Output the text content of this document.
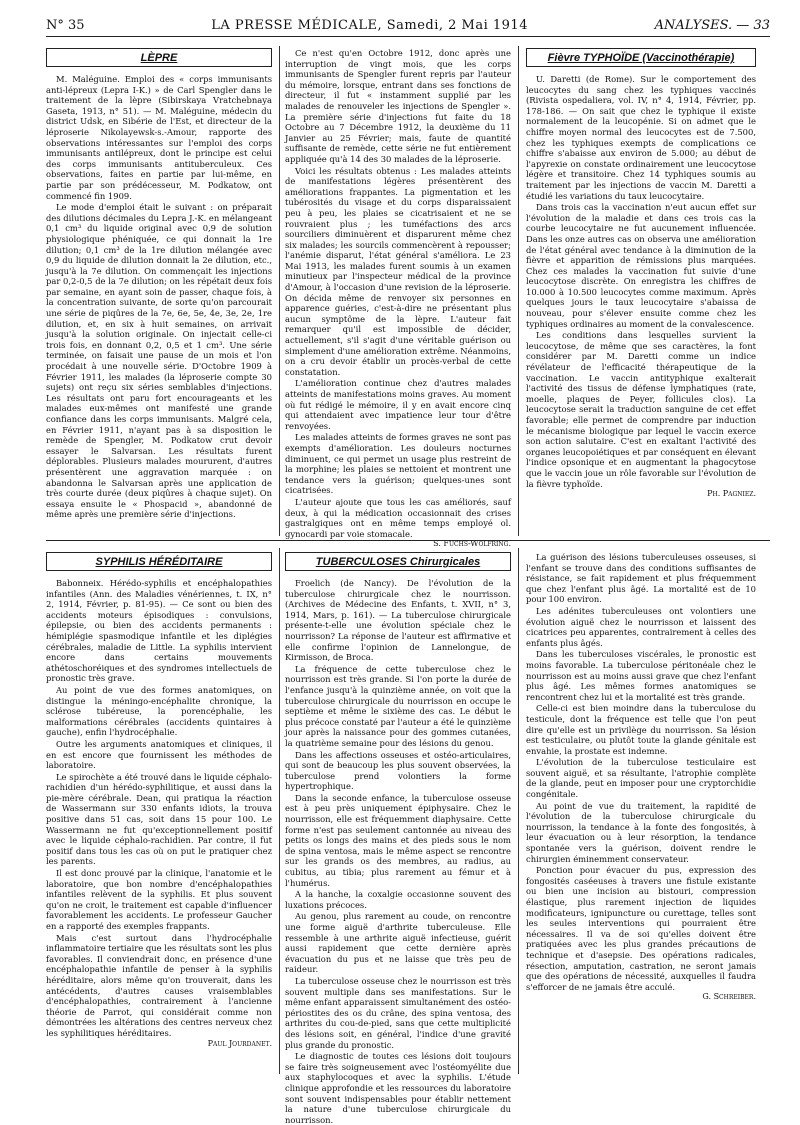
N° 35	LA PRESSE MÉDICALE, Samedi, 2 Mai 1914	ANALYSES. — 33
LÈPRE

M. Maléguine. Emploi des « corps immunisants anti-lépreux (Lepra I-K.) » de Carl Spengler dans le traitement de la lèpre (Sibirskaya Vratchebnaya Gaseta, 1913, n° 51). — M. Maléguine, médecin du district Udsk, en Sibérie de l'Est, et directeur de la léproserie Nikolayewsk-s.-Amour, rapporte des observations intéressantes sur l'emploi des corps immunisants antilépreux, dont le principe est celui des corps immunisants antituberculeux. Ces observations, faites en partie par lui-même, en partie par son prédécesseur, M. Podkatow, ont commencé fin 1909.

Le mode d'emploi était le suivant : on préparait des dilutions décimales du Lepra J.-K. en mélangeant 0,1 cm³ du liquide original avec 0,9 de solution physiologique phéniquée, ce qui donnait la 1re dilution; 0,1 cm³ de la 1re dilution mélangée avec 0,9 du liquide de dilution donnait la 2e dilution, etc., jusqu'à la 7e dilution. On commençait les injections par 0,2-0,5 de la 7e dilution; on les répétait deux fois par semaine, en ayant soin de passer, chaque fois, à la concentration suivante, de sorte qu'on parcourait une série de piqûres de la 7e, 6e, 5e, 4e, 3e, 2e, 1re dilution, et, en six à huit semaines, on arrivait jusqu'à la solution originale. On injectait celle-ci trois fois, en donnant 0,2, 0,5 et 1 cm³. Une série terminée, on faisait une pause de un mois et l'on procédait à une nouvelle série. D'Octobre 1909 à Février 1911, les malades (la léproserie compte 30 sujets) ont reçu six séries semblables d'injections. Les résultats ont paru fort encourageants et les malades eux-mêmes ont manifesté une grande confiance dans les corps immunisants. Malgré cela, en Février 1911, n'ayant pas à sa disposition le remède de Spengler, M. Podkatow crut devoir essayer le Salvarsan. Les résultats furent déplorables. Plusieurs malades moururent, d'autres présentèrent une aggravation marquée : on abandonna le Salvarsan après une application de très courte durée (deux piqûres à chaque sujet). On essaya ensuite le « Phospacid », abandonné de même après une première série d'injections.

Ce n'est qu'en Octobre 1912, donc après une interruption de vingt mois, que les corps immunisants de Spengler furent repris par l'auteur du mémoire, lorsque, entrant dans ses fonctions de directeur, il fut « instamment supplié par les malades de renouveler les injections de Spengler ». La première série d'injections fut faite du 18 Octobre au 7 Décembre 1912, la deuxième du 11 Janvier au 25 Février; mais, faute de quantité suffisante de remède, cette série ne fut entièrement appliquée qu'à 14 des 30 malades de la léproserie.

Voici les résultats obtenus : Les malades atteints de manifestations légères présentèrent des améliorations frappantes. La pigmentation et les tubérosités du visage et du corps disparaissaient peu à peu, les plaies se cicatrisaient et ne se rouvraient plus ; les tuméfactions des arcs sourciliers diminuèrent et disparurent même chez six malades; les sourcils commencèrent à repousser; l'anémie disparut, l'état général s'améliora. Le 23 Mai 1913, les malades furent soumis à un examen minutieux par l'inspecteur médical de la province d'Amour, à l'occasion d'une revision de la léproserie. On décida même de renvoyer six personnes en apparence guéries, c'est-à-dire ne présentant plus aucun symptôme de la lèpre. L'auteur fait remarquer qu'il est impossible de décider, actuellement, s'il s'agit d'une véritable guérison ou simplement d'une amélioration extrême. Néanmoins, on a cru devoir établir un procès-verbal de cette constatation.

L'amélioration continue chez d'autres malades atteints de manifestations moins graves. Au moment où fut rédigé le mémoire, il y en avait encore cinq qui attendaient avec impatience leur tour d'être renvoyées.

Les malades atteints de formes graves ne sont pas exempts d'amélioration. Les douleurs nocturnes diminuent, ce qui permet un usage plus restreint de la morphine; les plaies se nettoient et montrent une tendance vers la guérison; quelques-unes sont cicatrisées.

L'auteur ajoute que tous les cas améliorés, sauf deux, à qui la médication occasionnait des crises gastralgiques ont en même temps employé ol. gynocardi par voie stomacale.

S. Fuchs-Wolfring.

Fièvre TYPHOÏDE (Vaccinothérapie)

U. Daretti (de Rome). Sur le comportement des leucocytes du sang chez les typhiques vaccinés (Rivista ospedaliera, vol. IV, n° 4, 1914, Février, pp. 178-186. — On sait que chez le typhique il existe normalement de la leucopénie. Si on admet que le chiffre moyen normal des leucocytes est de 7.500, chez les typhiques exempts de complications ce chiffre s'abaisse aux environ de 5.000; au début de l'apyrexie on constate ordinairement une leucocytose légère et transitoire. Chez 14 typhiques soumis au traitement par les injections de vaccin M. Daretti a étudié les variations du taux leucocytaire.

Dans trois cas la vaccination n'eut aucun effet sur l'évolution de la maladie et dans ces trois cas la courbe leucocytaire ne fut aucunement influencée. Dans les onze autres cas on observa une amélioration de l'état général avec tendance à la diminution de la fièvre et apparition de rémissions plus marquées. Chez ces malades la vaccination fut suivie d'une leucocytose discrète. On enregistra les chiffres de 10.000 à 10.500 leucocytes comme maximum. Après quelques jours le taux leucocytaire s'abaissa de nouveau, pour s'élever ensuite comme chez les typhiques ordinaires au moment de la convalescence.

Les conditions dans lesquelles survient la leucocytose, de même que ses caractères, la font considérer par M. Daretti comme un indice révélateur de l'efficacité thérapeutique de la vaccination. Le vaccin antityphique exalterait l'activité des tissus de défense lymphatiques (rate, moelle, plaques de Peyer, follicules clos). La leucocytose serait la traduction sanguine de cet effet favorable; elle permet de comprendre par induction le mécanisme biologique par lequel le vaccin exerce son action salutaire. C'est en exaltant l'activité des organes leucopoiétiques et par conséquent en élevant l'indice opsonique et en augmentant la phagocytose que le vaccin joue un rôle favorable sur l'évolution de la fièvre typhoïde.

Ph. Pagniez.

SYPHILIS HÉRÉDITAIRE

Babonneix. Hérédo-syphilis et encéphalopathies infantiles (Ann. des Maladies vénériennes, t. IX, n° 2, 1914, Février, p. 81-95). — Ce sont ou bien des accidents moteurs épisodiques : convulsions, épilepsie, ou bien des accidents permanents : hémiplégie spasmodique infantile et les diplégies cérébrales, maladie de Little. La syphilis intervient encore dans certains mouvements athétoschoréiques et des syndromes intellectuels de pronostic très grave.

Au point de vue des formes anatomiques, on distingue la méningo-encéphalite chronique, la sclérose tubéreuse, la porencéphalie, les malformations cérébrales (accidents quintaires à gauche), enfin l'hydrocéphalie.

Outre les arguments anatomiques et cliniques, il en est encore que fournissent les méthodes de laboratoire.

Le spirochète a été trouvé dans le liquide céphalo-rachidien d'un hérédo-syphilitique, et aussi dans la pie-mère cérébrale. Dean, qui pratiqua la réaction de Wassermann sur 330 enfants idiots, la trouva positive dans 51 cas, soit dans 15 pour 100. Le Wassermann ne fut qu'exceptionnellement positif avec le liquide céphalo-rachidien. Par contre, il fut positif dans tous les cas où on put le pratiquer chez les parents.

Il est donc prouvé par la clinique, l'anatomie et le laboratoire, que bon nombre d'encéphalopathies infantiles relèvent de la syphilis. Et plus souvent qu'on ne croit, le traitement est capable d'influencer favorablement les accidents. Le professeur Gaucher en a rapporté des exemples frappants.

Mais c'est surtout dans l'hydrocéphalie inflammatoire tertiaire que les résultats sont les plus favorables. Il conviendrait donc, en présence d'une encéphalopathie infantile de penser à la syphilis héréditaire, alors même qu'on trouverait, dans les antécédents, d'autres causes vraisemblables d'encéphalopathies, contrairement à l'ancienne théorie de Parrot, qui considérait comme non démontrées les altérations des centres nerveux chez les syphilitiques héréditaires.

Paul Jourdanet.

TUBERCULOSES Chirurgicales

Froelich (de Nancy). De l'évolution de la tuberculose chirurgicale chez le nourrisson. (Archives de Médecine des Enfants, t. XVII, n° 3, 1914, Mars, p. 161). — La tuberculose chirurgicale présente-t-elle une évolution spéciale chez le nourrisson? La réponse de l'auteur est affirmative et elle confirme l'opinion de Lannelongue, de Kirmisson, de Broca.

La fréquence de cette tuberculose chez le nourrisson est très grande. Si l'on porte la durée de l'enfance jusqu'à la quinzième année, on voit que la tuberculose chirurgicale du nourrisson en occupe le septième et même le sixième des cas. Le début le plus précoce constaté par l'auteur a été le quinzième jour après la naissance pour des gommes cutanées, la quatrième semaine pour des lésions du genou.

Dans les affections osseuses et ostéo-articulaires, qui sont de beaucoup les plus souvent observées, la tuberculose prend volontiers la forme hypertrophique.

Dans la seconde enfance, la tuberculose osseuse est à peu près uniquement épiphysaire. Chez le nourrisson, elle est fréquemment diaphysaire. Cette forme n'est pas seulement cantonnée au niveau des petits os longs des mains et des pieds sous le nom de spina ventosa, mais le même aspect se rencontre sur les grands os des membres, au radius, au cubitus, au tibia; plus rarement au fémur et à l'humérus.

A la hanche, la coxalgie occasionne souvent des luxations précoces.

Au genou, plus rarement au coude, on rencontre une forme aiguë d'arthrite tuberculeuse. Elle ressemble à une arthrite aiguë infectieuse, guérit aussi rapidement que cette dernière après évacuation du pus et ne laisse que très peu de raideur.

La tuberculose osseuse chez le nourrisson est très souvent multiple dans ses manifestations. Sur le même enfant apparaissent simultanément des ostéo-périostites des os du crâne, des spina ventosa, des arthrites du cou-de-pied, sans que cette multiplicité des lésions soit, en général, l'indice d'une gravité plus grande du pronostic.

Le diagnostic de toutes ces lésions doit toujours se faire très soigneusement avec l'ostéomyélite due aux staphylocoques et avec la syphilis. L'étude clinique approfondie et les ressources du laboratoire sont souvent indispensables pour établir nettement la nature d'une tuberculose chirurgicale du nourrisson.

La guérison des lésions tuberculeuses osseuses, si l'enfant se trouve dans des conditions suffisantes de résistance, se fait rapidement et plus fréquemment que chez l'enfant plus âgé. La mortalité est de 10 pour 100 environ.

Les adénites tuberculeuses ont volontiers une évolution aiguë chez le nourrisson et laissent des cicatrices peu apparentes, contrairement à celles des enfants plus âgés.

Dans les tuberculoses viscérales, le pronostic est moins favorable. La tuberculose péritonéale chez le nourrisson est au moins aussi grave que chez l'enfant plus âgé. Les mêmes formes anatomiques se rencontrent chez lui et la mortalité est très grande.

Celle-ci est bien moindre dans la tuberculose du testicule, dont la fréquence est telle que l'on peut dire qu'elle est un privilège du nourrisson. Sa lésion est testiculaire, ou plutôt toute la glande génitale est envahie, la prostate est indemne.

L'évolution de la tuberculose testiculaire est souvent aiguë, et sa résultante, l'atrophie complète de la glande, peut en imposer pour une cryptorchidie congénitale.

Au point de vue du traitement, la rapidité de l'évolution de la tuberculose chirurgicale du nourrisson, la tendance à la fonte des fongosités, à leur évacuation ou à leur résorption, la tendance spontanée vers la guérison, doivent rendre le chirurgien éminemment conservateur.

Ponction pour évacuer du pus, expression des fongosités caséeuses à travers une fistule existante ou bien une incision au bistouri, compression élastique, plus rarement injection de liquides modificateurs, ignipuncture ou curettage, telles sont les seules interventions qui pourraient être nécessaires. Il va de soi qu'elles doivent être pratiquées avec les plus grandes précautions de technique et d'asepsie. Des opérations radicales, résection, amputation, castration, ne seront jamais que des opérations de nécessité, auxquelles il faudra s'efforcer de ne jamais être acculé.

G. Schreiber.
